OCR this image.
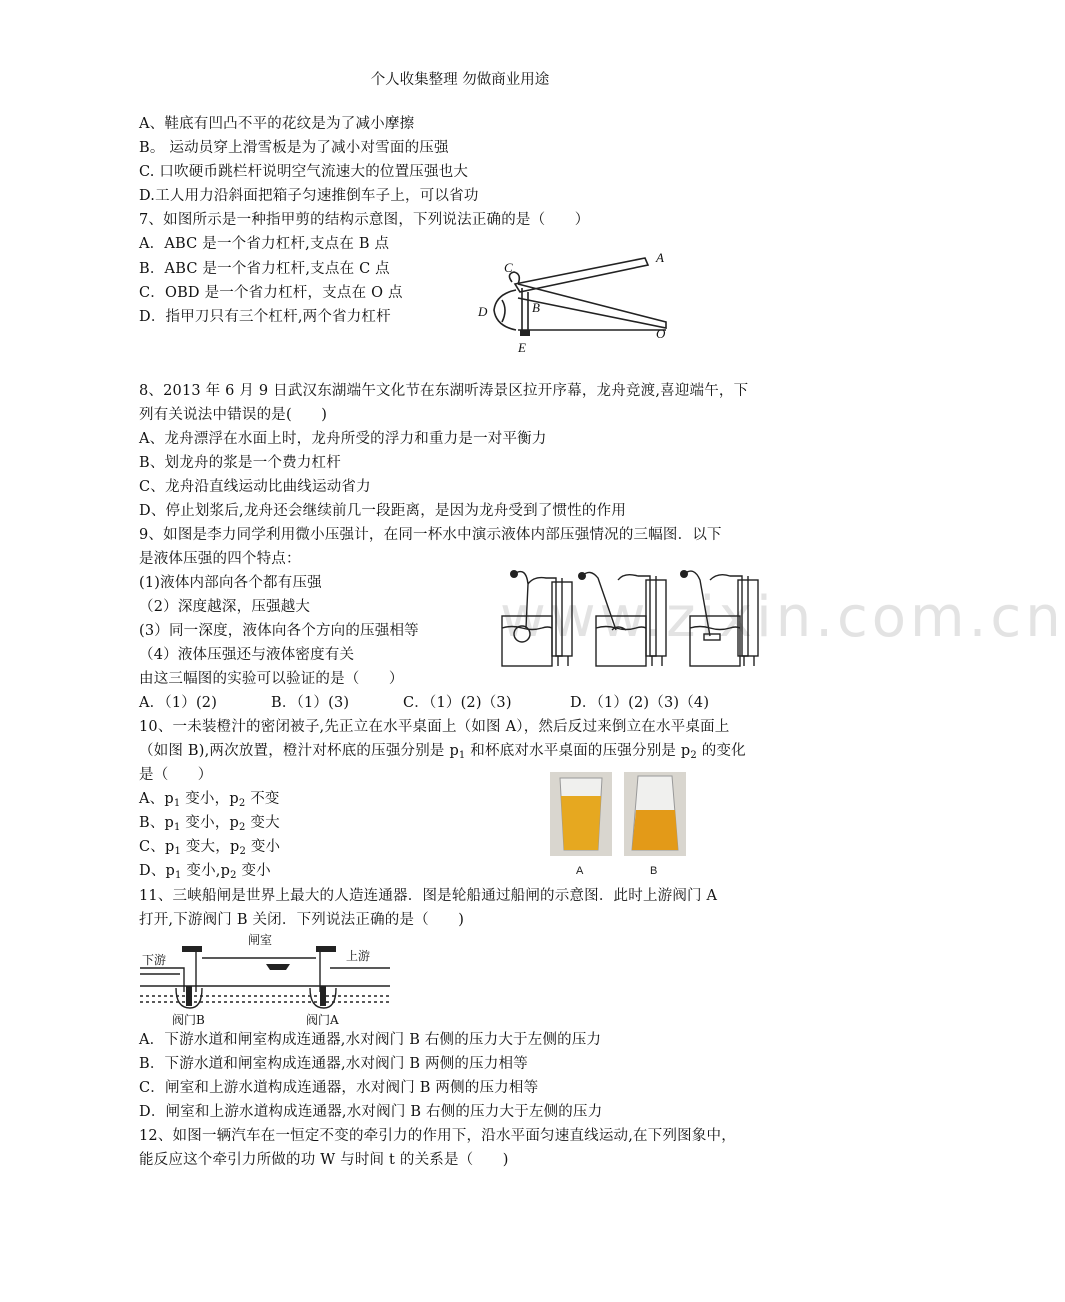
个人收集整理 勿做商业用途
www.zixin.com.cn
A、鞋底有凹凸不平的花纹是为了减小摩擦
B。 运动员穿上滑雪板是为了减小对雪面的压强
C. 口吹硬币跳栏杆说明空气流速大的位置压强也大
D.工人用力沿斜面把箱子匀速推倒车子上，可以省功
7、如图所示是一种指甲剪的结构示意图，下列说法正确的是（　　）
A．ABC 是一个省力杠杆,支点在 B 点
B．ABC 是一个省力杠杆,支点在 C 点
C．OBD 是一个省力杠杆，支点在 O 点
D．指甲刀只有三个杠杆,两个省力杠杆
C
A
B
D
E
O
8、2013 年 6 月 9 日武汉东湖端午文化节在东湖听涛景区拉开序幕，龙舟竞渡,喜迎端午，下
列有关说法中错误的是(　　)
A、龙舟漂浮在水面上时，龙舟所受的浮力和重力是一对平衡力
B、划龙舟的浆是一个费力杠杆
C、龙舟沿直线运动比曲线运动省力
D、停止划浆后,龙舟还会继续前几一段距离，是因为龙舟受到了惯性的作用
9、如图是李力同学利用微小压强计，在同一杯水中演示液体内部压强情况的三幅图．以下
是液体压强的四个特点：
(1)液体内部向各个都有压强
（2）深度越深，压强越大
(3）同一深度，液体向各个方向的压强相等
（4）液体压强还与液体密度有关
由这三幅图的实验可以验证的是（　　）
A．（1）(2)	B．（1）(3)	C．（1）(2)（3)	D．（1）(2)（3)（4)
10、一未装橙汁的密闭被子,先正立在水平桌面上（如图 A），然后反过来倒立在水平桌面上
（如图 B),两次放置，橙汁对杯底的压强分别是 $p_1$ 和杯底对水平桌面的压强分别是 $p_2$ 的变化
是（　　）
A、$p_1$ 变小，$p_2$ 不变
B、$p_1$ 变小，$p_2$ 变大
C、$p_1$ 变大，$p_2$ 变小
D、$p_1$ 变小$,p_2$ 变小	A	B
11、三峡船闸是世界上最大的人造连通器．图是轮船通过船闸的示意图．此时上游阀门 A
打开,下游阀门 B 关闭．下列说法正确的是（　　)
闸室
上游
下游
阀门B	阀门A
A．下游水道和闸室构成连通器,水对阀门 B 右侧的压力大于左侧的压力
B．下游水道和闸室构成连通器,水对阀门 B 两侧的压力相等
C．闸室和上游水道构成连通器，水对阀门 B 两侧的压力相等
D．闸室和上游水道构成连通器,水对阀门 B 右侧的压力大于左侧的压力
12、如图一辆汽车在一恒定不变的牵引力的作用下，沿水平面匀速直线运动,在下列图象中，
能反应这个牵引力所做的功 W 与时间 t 的关系是（　　)
